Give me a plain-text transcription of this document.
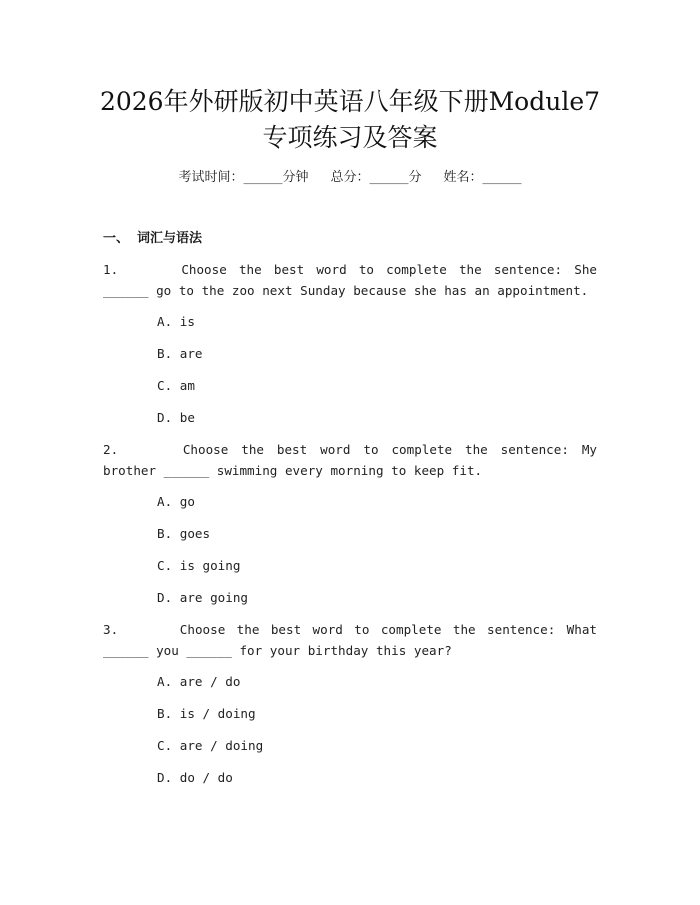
2026年外研版初中英语八年级下册Module7
专项练习及答案
考试时间：______分钟 总分：______分 姓名：______
一、 词汇与语法
1.	Choose the best word to complete the sentence: She ______ go to the zoo next Sunday because she has an appointment.
A. is
B. are
C. am
D. be
2.	Choose the best word to complete the sentence: My brother ______ swimming every morning to keep fit.
A. go
B. goes
C. is going
D. are going
3.	Choose the best word to complete the sentence: What ______ you ______ for your birthday this year?
A. are / do
B. is / doing
C. are / doing
D. do / do
